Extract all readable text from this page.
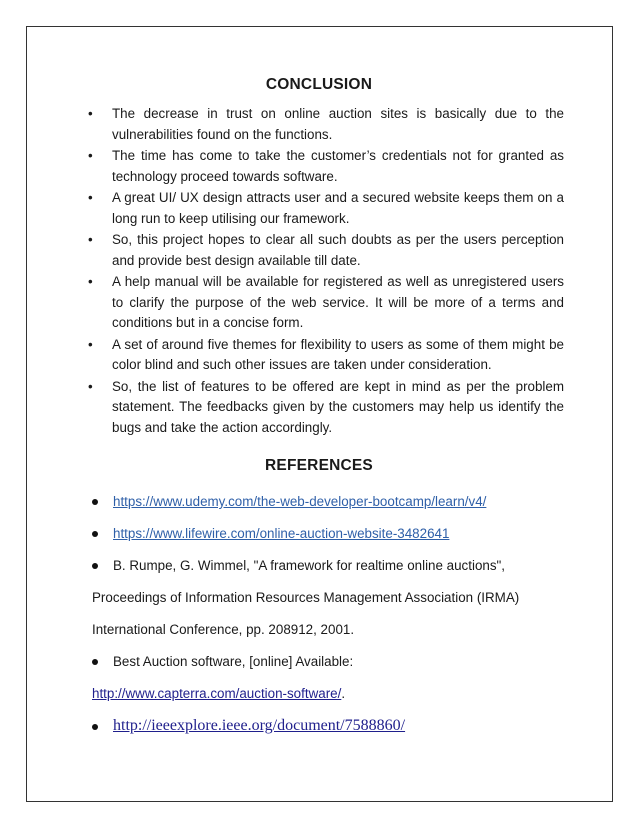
CONCLUSION
• The decrease in trust on online auction sites is basically due to the vulnerabilities found on the functions.
• The time has come to take the customer’s credentials not for granted as technology proceed towards software.
• A great UI/ UX design attracts user and a secured website keeps them on a long run to keep utilising our framework.
• So, this project hopes to clear all such doubts as per the users perception and provide best design available till date.
• A help manual will be available for registered as well as unregistered users to clarify the purpose of the web service. It will be more of a terms and conditions but in a concise form.
• A set of around five themes for flexibility to users as some of them might be color blind and such other issues are taken under consideration.
• So, the list of features to be offered are kept in mind as per the problem statement. The feedbacks given by the customers may help us identify the bugs and take the action accordingly.
REFERENCES
https://www.udemy.com/the-web-developer-bootcamp/learn/v4/
https://www.lifewire.com/online-auction-website-3482641
B. Rumpe, G. Wimmel, "A framework for realtime online auctions",
Proceedings of Information Resources Management Association (IRMA)
International Conference, pp. 208912, 2001.
Best Auction software, [online] Available:
http://www.capterra.com/auction-software/.
http://ieeexplore.ieee.org/document/7588860/
